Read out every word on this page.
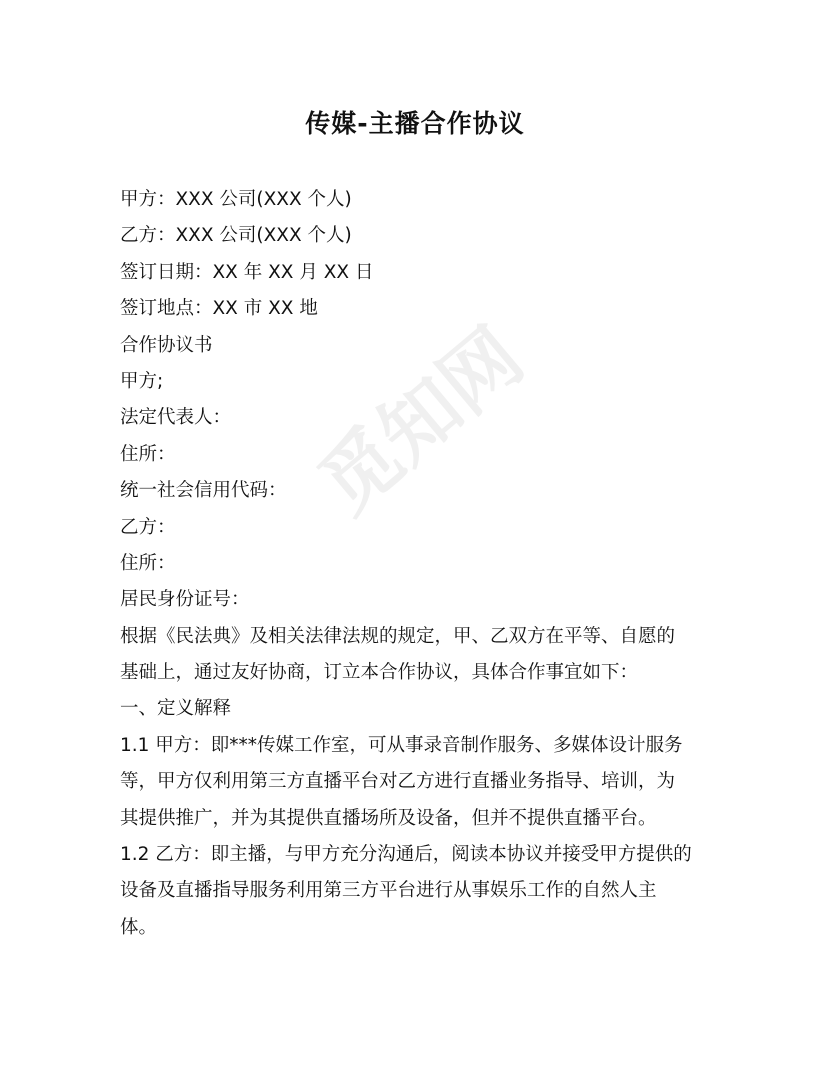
觅知网
传媒-主播合作协议
甲方：XXX 公司(XXX 个人)
乙方：XXX 公司(XXX 个人)
签订日期：XX 年 XX 月 XX 日
签订地点：XX 市 XX 地
合作协议书
甲方;
法定代表人：
住所：
统一社会信用代码：
乙方：
住所：
居民身份证号：
根据《民法典》及相关法律法规的规定，甲、乙双方在平等、自愿的
基础上，通过友好协商，订立本合作协议，具体合作事宜如下：
一、定义解释
1.1 甲方：即***传媒工作室，可从事录音制作服务、多媒体设计服务
等，甲方仅利用第三方直播平台对乙方进行直播业务指导、培训，为
其提供推广，并为其提供直播场所及设备，但并不提供直播平台。
1.2 乙方：即主播，与甲方充分沟通后，阅读本协议并接受甲方提供的
设备及直播指导服务利用第三方平台进行从事娱乐工作的自然人主
体。
